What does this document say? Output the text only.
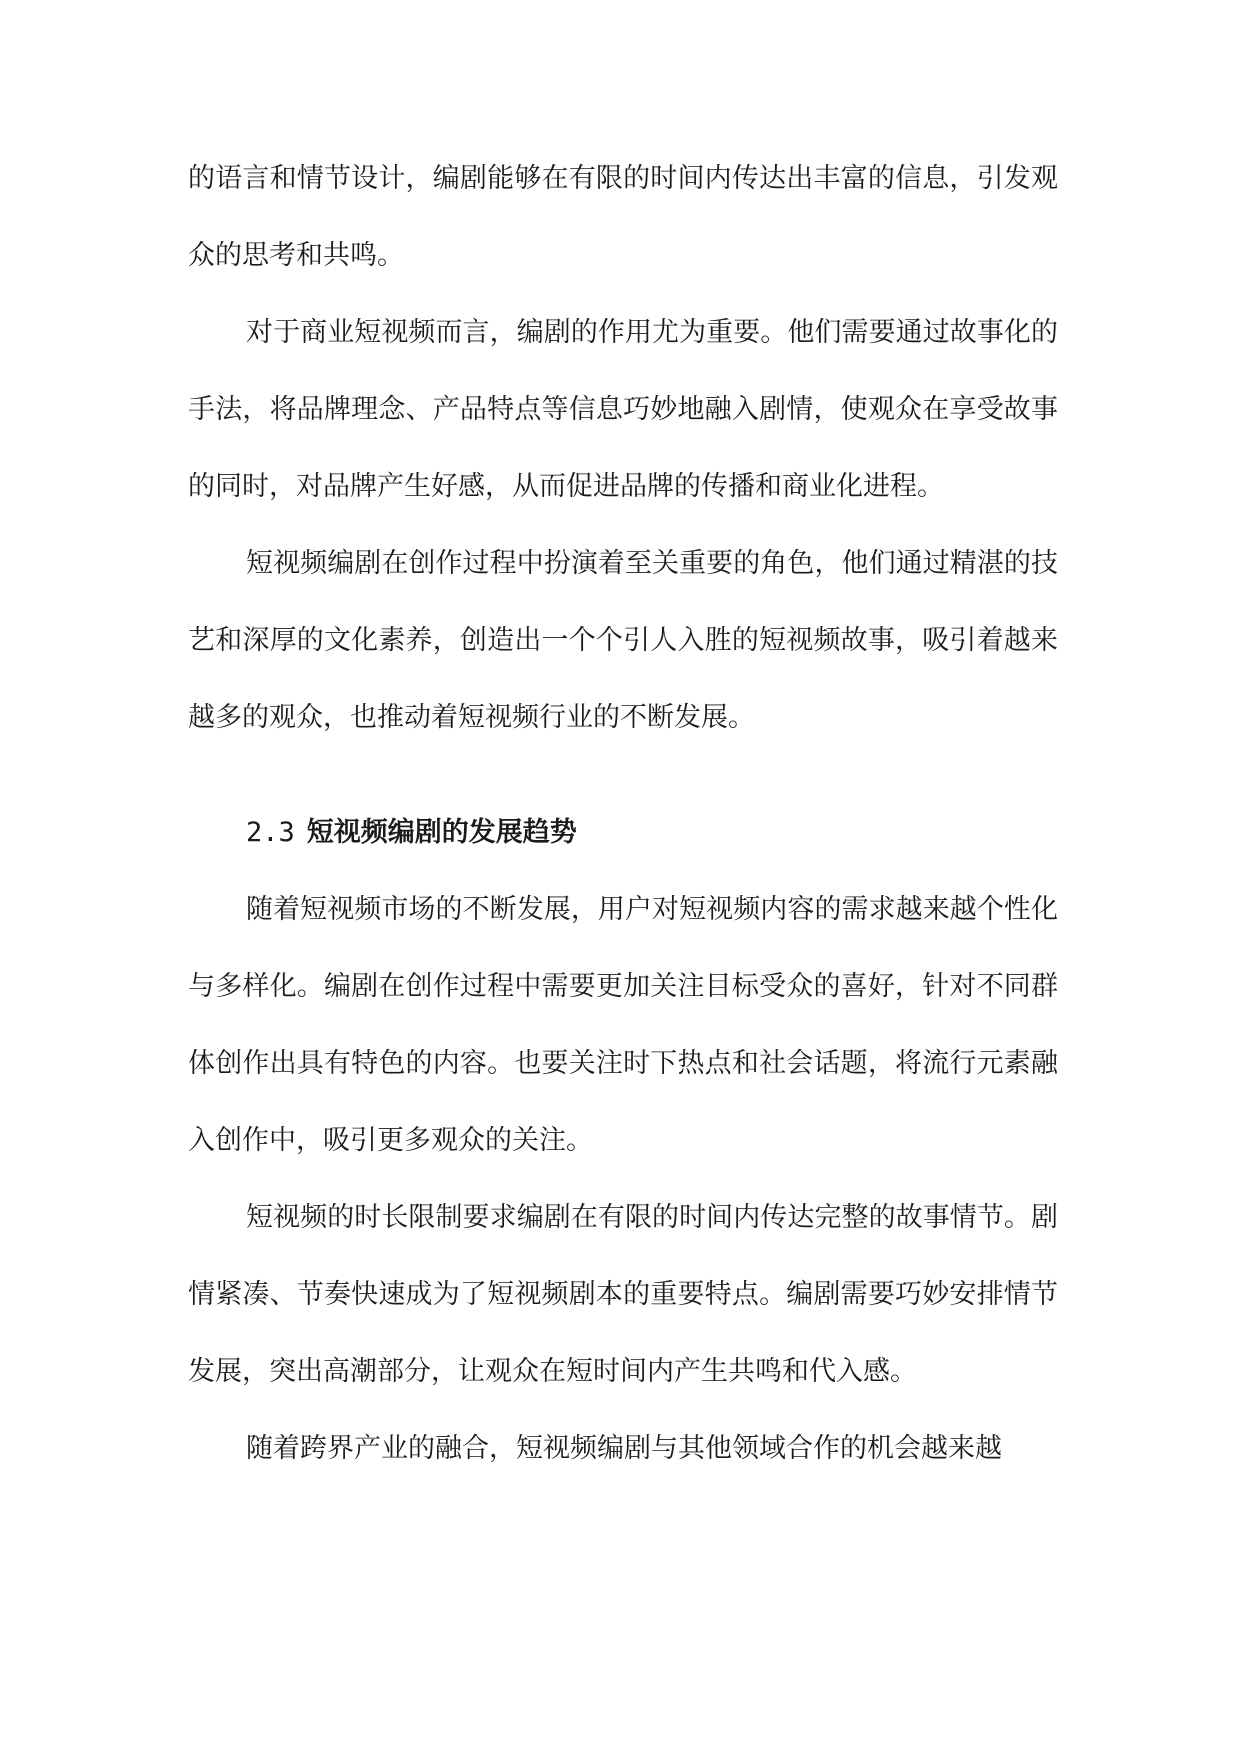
的语言和情节设计，编剧能够在有限的时间内传达出丰富的信息，引发观众的思考和共鸣。

对于商业短视频而言，编剧的作用尤为重要。他们需要通过故事化的手法，将品牌理念、产品特点等信息巧妙地融入剧情，使观众在享受故事的同时，对品牌产生好感，从而促进品牌的传播和商业化进程。

短视频编剧在创作过程中扮演着至关重要的角色，他们通过精湛的技艺和深厚的文化素养，创造出一个个引人入胜的短视频故事，吸引着越来越多的观众，也推动着短视频行业的不断发展。

2.3 短视频编剧的发展趋势

随着短视频市场的不断发展，用户对短视频内容的需求越来越个性化与多样化。编剧在创作过程中需要更加关注目标受众的喜好，针对不同群体创作出具有特色的内容。也要关注时下热点和社会话题，将流行元素融入创作中，吸引更多观众的关注。

短视频的时长限制要求编剧在有限的时间内传达完整的故事情节。剧情紧凑、节奏快速成为了短视频剧本的重要特点。编剧需要巧妙安排情节发展，突出高潮部分，让观众在短时间内产生共鸣和代入感。

随着跨界产业的融合，短视频编剧与其他领域合作的机会越来越
